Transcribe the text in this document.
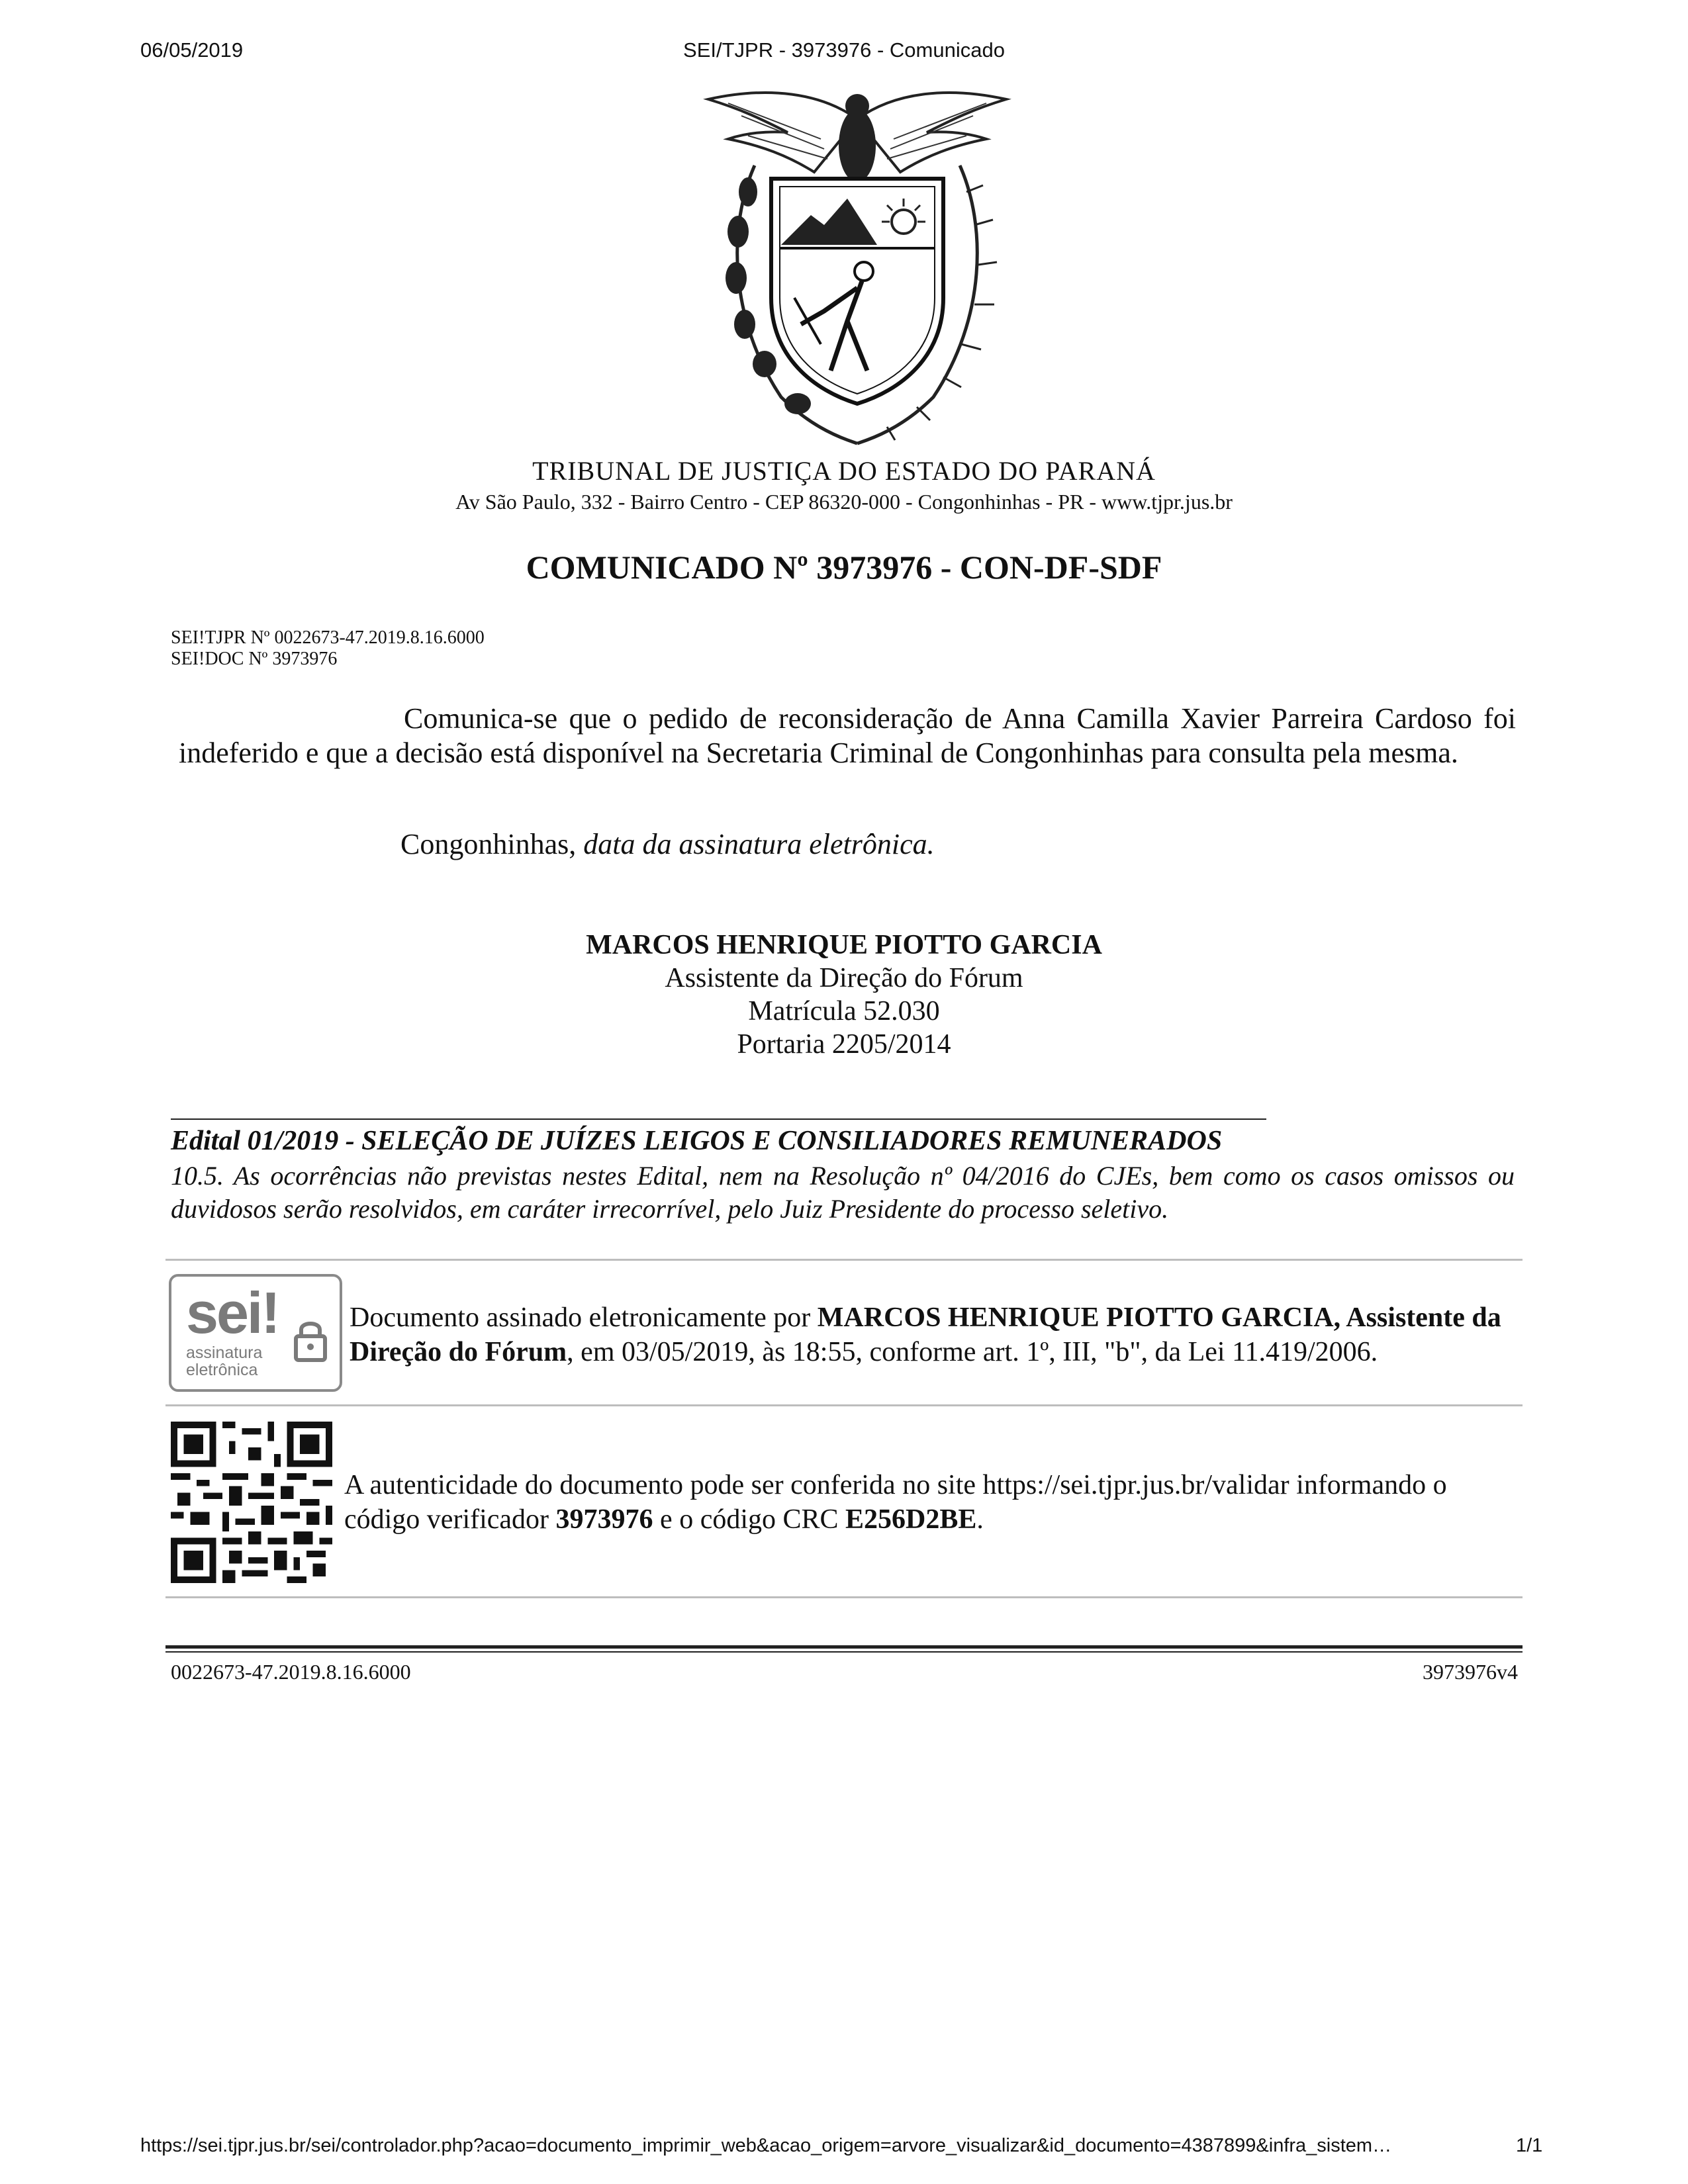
06/05/2019	SEI/TJPR - 3973976 - Comunicado
TRIBUNAL DE JUSTIÇA DO ESTADO DO PARANÁ
Av São Paulo, 332 - Bairro Centro - CEP 86320-000 - Congonhinhas - PR - www.tjpr.jus.br
COMUNICADO Nº 3973976 - CON-DF-SDF
SEI!TJPR Nº 0022673-47.2019.8.16.6000
SEI!DOC Nº 3973976

Comunica-se que o pedido de reconsideração de Anna Camilla Xavier Parreira Cardoso foi indeferido e que a decisão está disponível na Secretaria Criminal de Congonhinhas para consulta pela mesma.

Congonhinhas, data da assinatura eletrônica.
MARCOS HENRIQUE PIOTTO GARCIA
Assistente da Direção do Fórum
Matrícula 52.030
Portaria 2205/2014
Edital 01/2019 - SELEÇÃO DE JUÍZES LEIGOS E CONSILIADORES REMUNERADOS

10.5. As ocorrências não previstas nestes Edital, nem na Resolução nº 04/2016 do CJEs, bem como os casos omissos ou duvidosos serão resolvidos, em caráter irrecorrível, pelo Juiz Presidente do processo seletivo.

sei!
assinatura
eletrônica

Documento assinado eletronicamente por MARCOS HENRIQUE PIOTTO GARCIA, Assistente da Direção do Fórum, em 03/05/2019, às 18:55, conforme art. 1º, III, "b", da Lei 11.419/2006.

A autenticidade do documento pode ser conferida no site https://sei.tjpr.jus.br/validar informando o código verificador 3973976 e o código CRC E256D2BE.

0022673-47.2019.8.16.6000	3973976v4
https://sei.tjpr.jus.br/sei/controlador.php?acao=documento_imprimir_web&acao_origem=arvore_visualizar&id_documento=4387899&infra_sistem…	1/1
